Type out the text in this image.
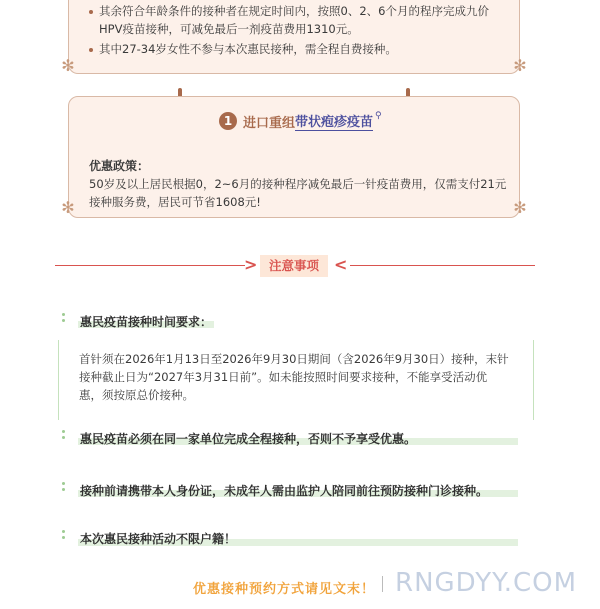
其余符合年龄条件的接种者在规定时间内，按照0、2、6个月的程序完成九价
HPV疫苗接种，可减免最后一剂疫苗费用1310元。
其中27-34岁女性不参与本次惠民接种，需全程自费接种。
✻	✻
1 进口重组 带状疱疹疫苗 ⚲
优惠政策：
50岁及以上居民根据0，2~6月的接种程序减免最后一针疫苗费用，仅需支付21元接种服务费，居民可节省1608元!
✻	✻
> 注意事项 <
惠民疫苗接种时间要求：
首针须在2026年1月13日至2026年9月30日期间（含2026年9月30日）接种，末针接种截止日为“2027年3月31日前”。如未能按照时间要求接种，不能享受活动优惠，须按原总价接种。
惠民疫苗必须在同一家单位完成全程接种，否则不予享受优惠。
接种前请携带本人身份证，未成年人需由监护人陪同前往预防接种门诊接种。
本次惠民接种活动不限户籍！
优惠接种预约方式请见文末！ RNGDYY.COM
